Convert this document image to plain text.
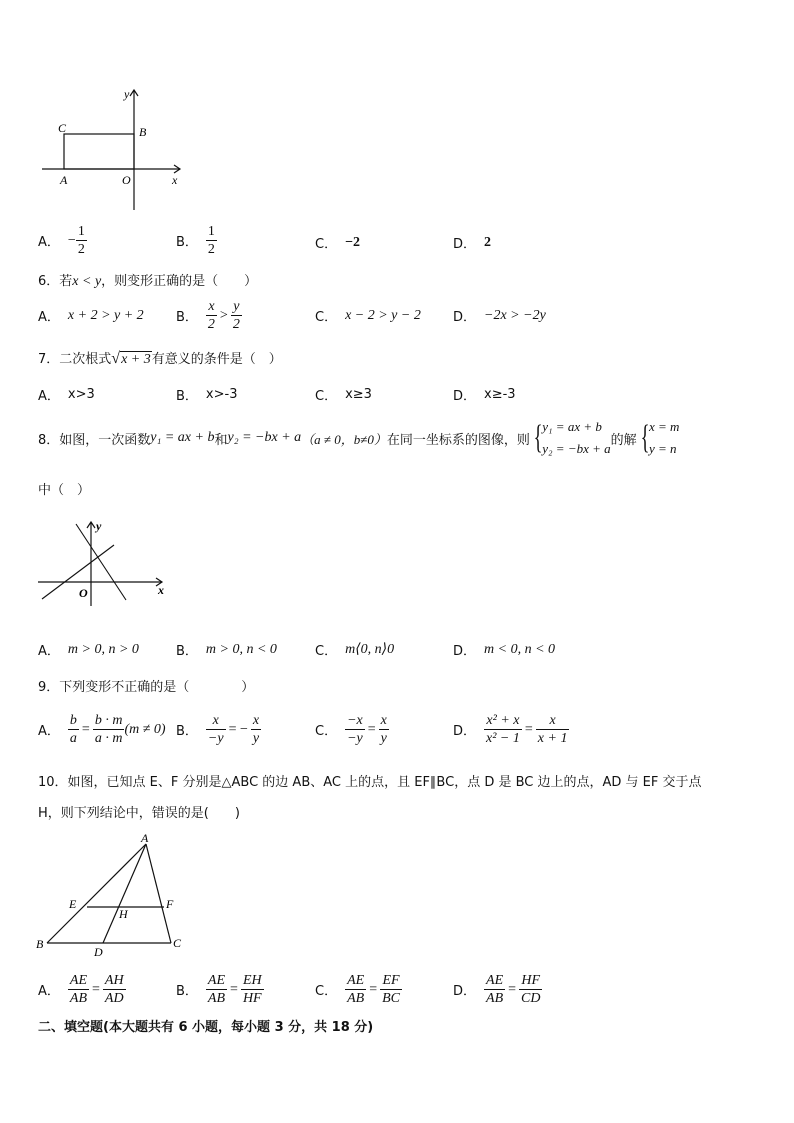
y
x
C	B
A	O
A． − $\frac{1}{2}$	B． $\frac{1}{2}$	C． −2	D． 2
6．若x < y，则变形正确的是（　　）
A． x + 2 > y + 2 B． $\frac{x}{2} > \frac{y}{2}$	C． x − 2 > y − 2 D． −2x > −2y
7．二次根式√x + 3有意义的条件是（　）
A． x>3	B． x>-3	C． x≥3	D． x≥-3
8．如图，一次函数 y₁ = ax + b 和 y₂ = −bx + a （a ≠ 0，b≠0） 在同一坐标系的图像，则 { y₁ = ax + b
y₂ = −bx + a
的解 { x = m
y = n
中（　）
y
x
O
A． m > 0, n > 0	B． m > 0, n < 0	C． m⟨0, n⟩0	D． m < 0, n < 0
9．下列变形不正确的是（　　　　）
A． $\frac{b}{a} = \frac{b \cdot m}{a \cdot m} (m \ne 0)$ B． $\frac{x}{-y}$ = − $\frac{x}{y}$	C． $\frac{-x}{-y} = \frac{x}{y}$	D． $\frac{\text{x² + x}}{\text{x² − 1}} = \frac{x}{x + 1}$
10．如图，已知点 E、F 分别是△ABC 的边 AB、AC 上的点，且 EF∥BC，点 D 是 BC 边上的点，AD 与 EF 交于点
H，则下列结论中，错误的是(　　)
A
E	F
H
B
D
C
A． $\frac{AE}{AB} = \frac{AH}{AD}$	B． $\frac{AE}{AB} = \frac{EH}{HF}$	C． $\frac{AE}{AB} = \frac{EF}{BC}$	D． $\frac{AE}{AB} = \frac{HF}{CD}$
二、填空题(本大题共有 6 小题，每小题 3 分，共 18 分)
